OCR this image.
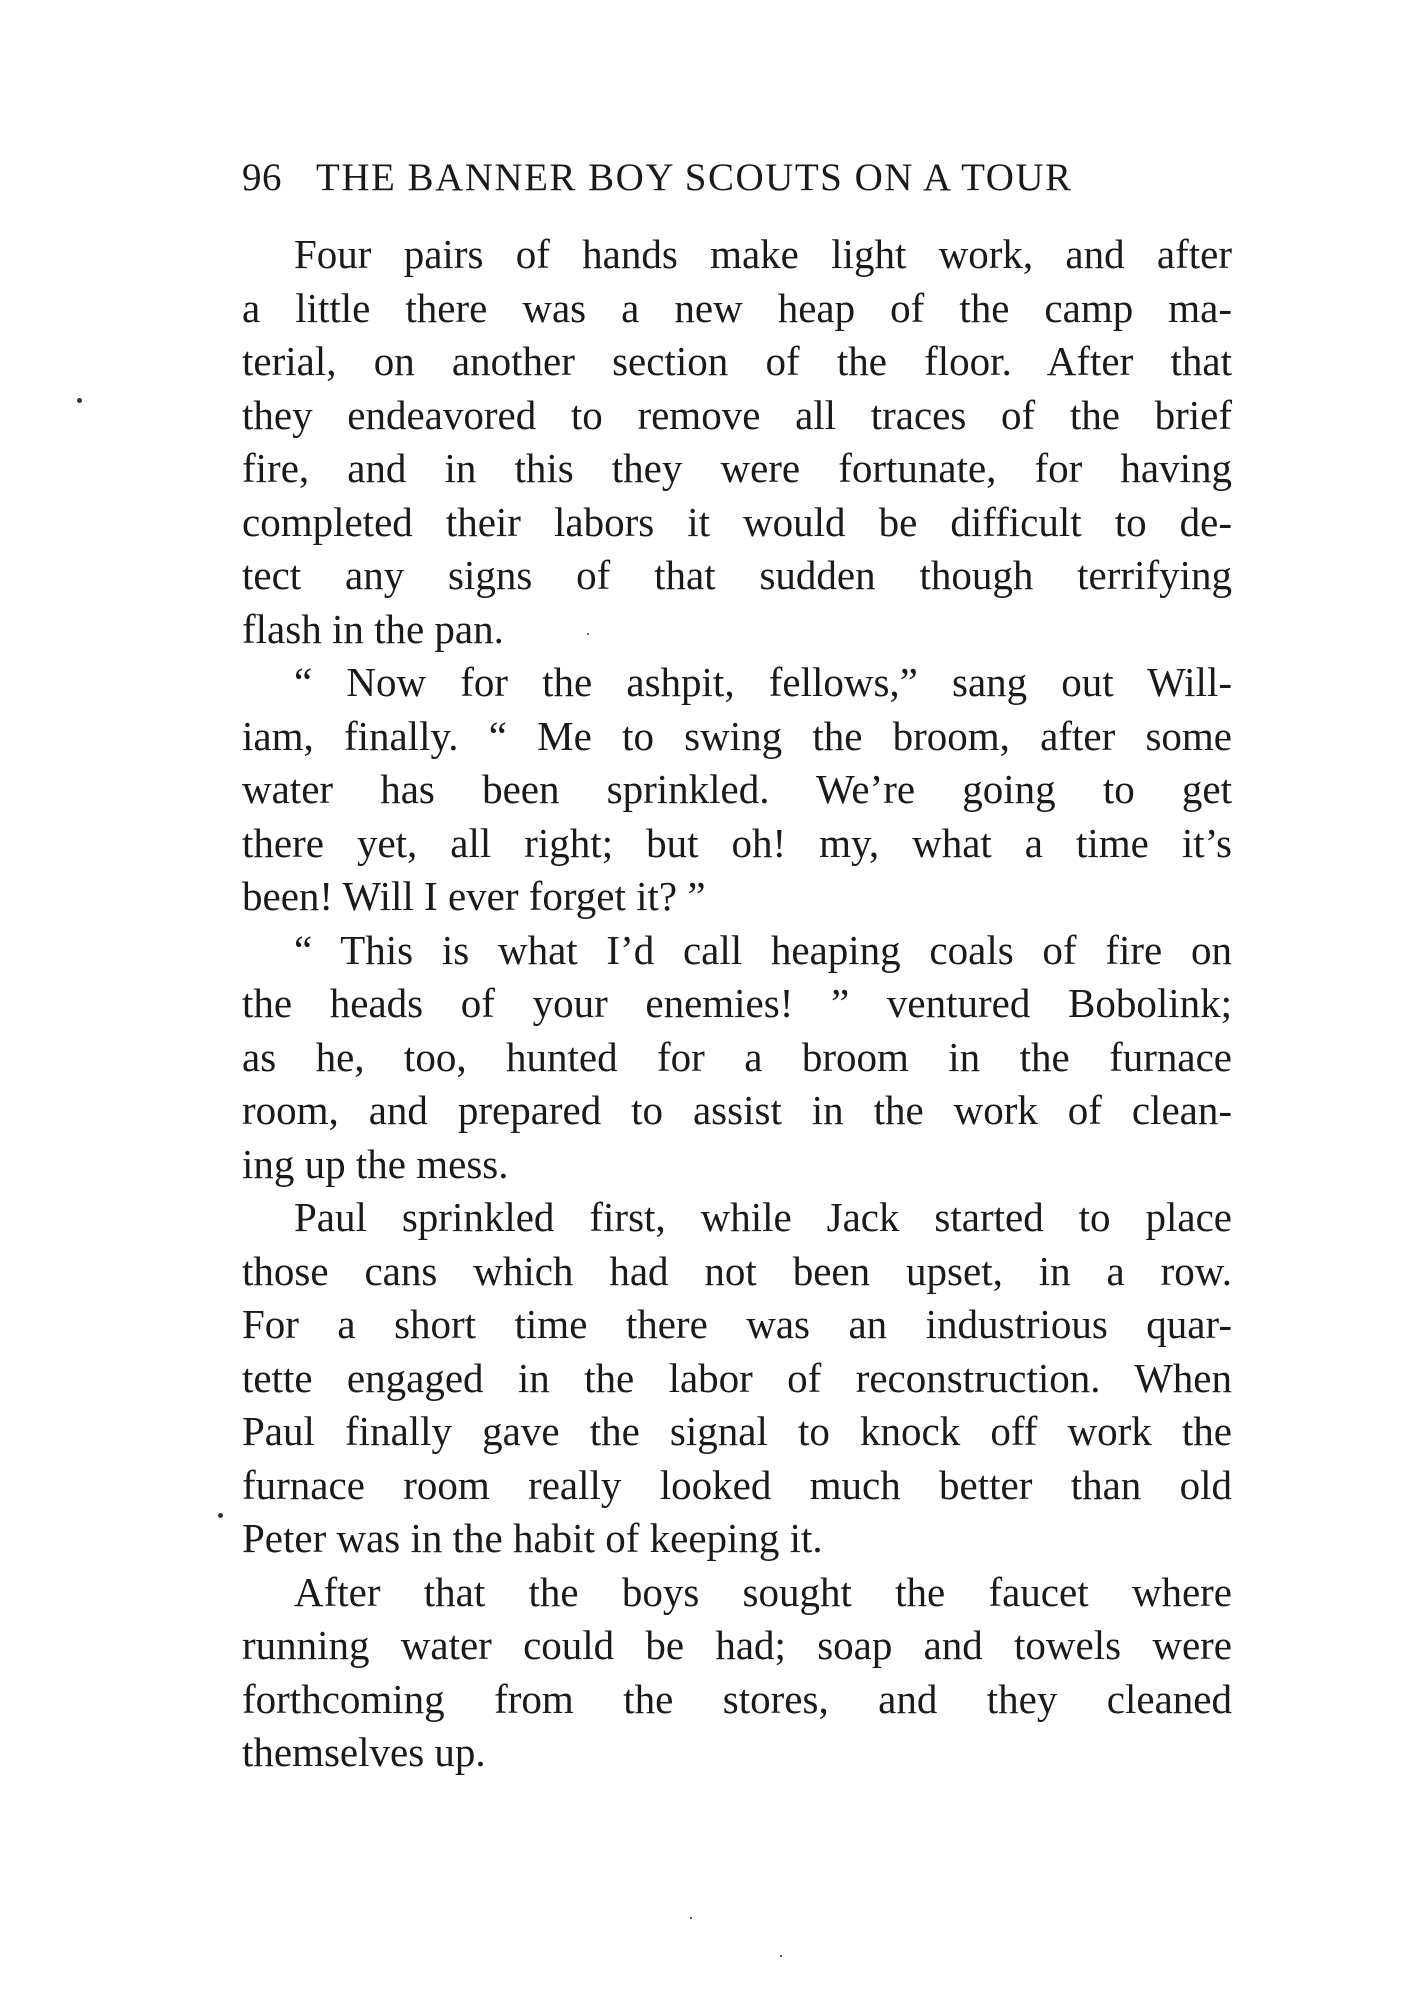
96 THE BANNER BOY SCOUTS ON A TOUR
Four pairs of hands make light work, and after
a little there was a new heap of the camp ma-
terial, on another section of the floor. After that
they endeavored to remove all traces of the brief
fire, and in this they were fortunate, for having
completed their labors it would be difficult to de-
tect any signs of that sudden though terrifying
flash in the pan.
“ Now for the ashpit, fellows,” sang out Will-
iam, finally. “ Me to swing the broom, after some
water has been sprinkled. We’re going to get
there yet, all right; but oh! my, what a time it’s
been! Will I ever forget it? ”
“ This is what I’d call heaping coals of fire on
the heads of your enemies! ” ventured Bobolink;
as he, too, hunted for a broom in the furnace
room, and prepared to assist in the work of clean-
ing up the mess.
Paul sprinkled first, while Jack started to place
those cans which had not been upset, in a row.
For a short time there was an industrious quar-
tette engaged in the labor of reconstruction. When
Paul finally gave the signal to knock off work the
furnace room really looked much better than old
Peter was in the habit of keeping it.
After that the boys sought the faucet where
running water could be had; soap and towels were
forthcoming from the stores, and they cleaned
themselves up.
